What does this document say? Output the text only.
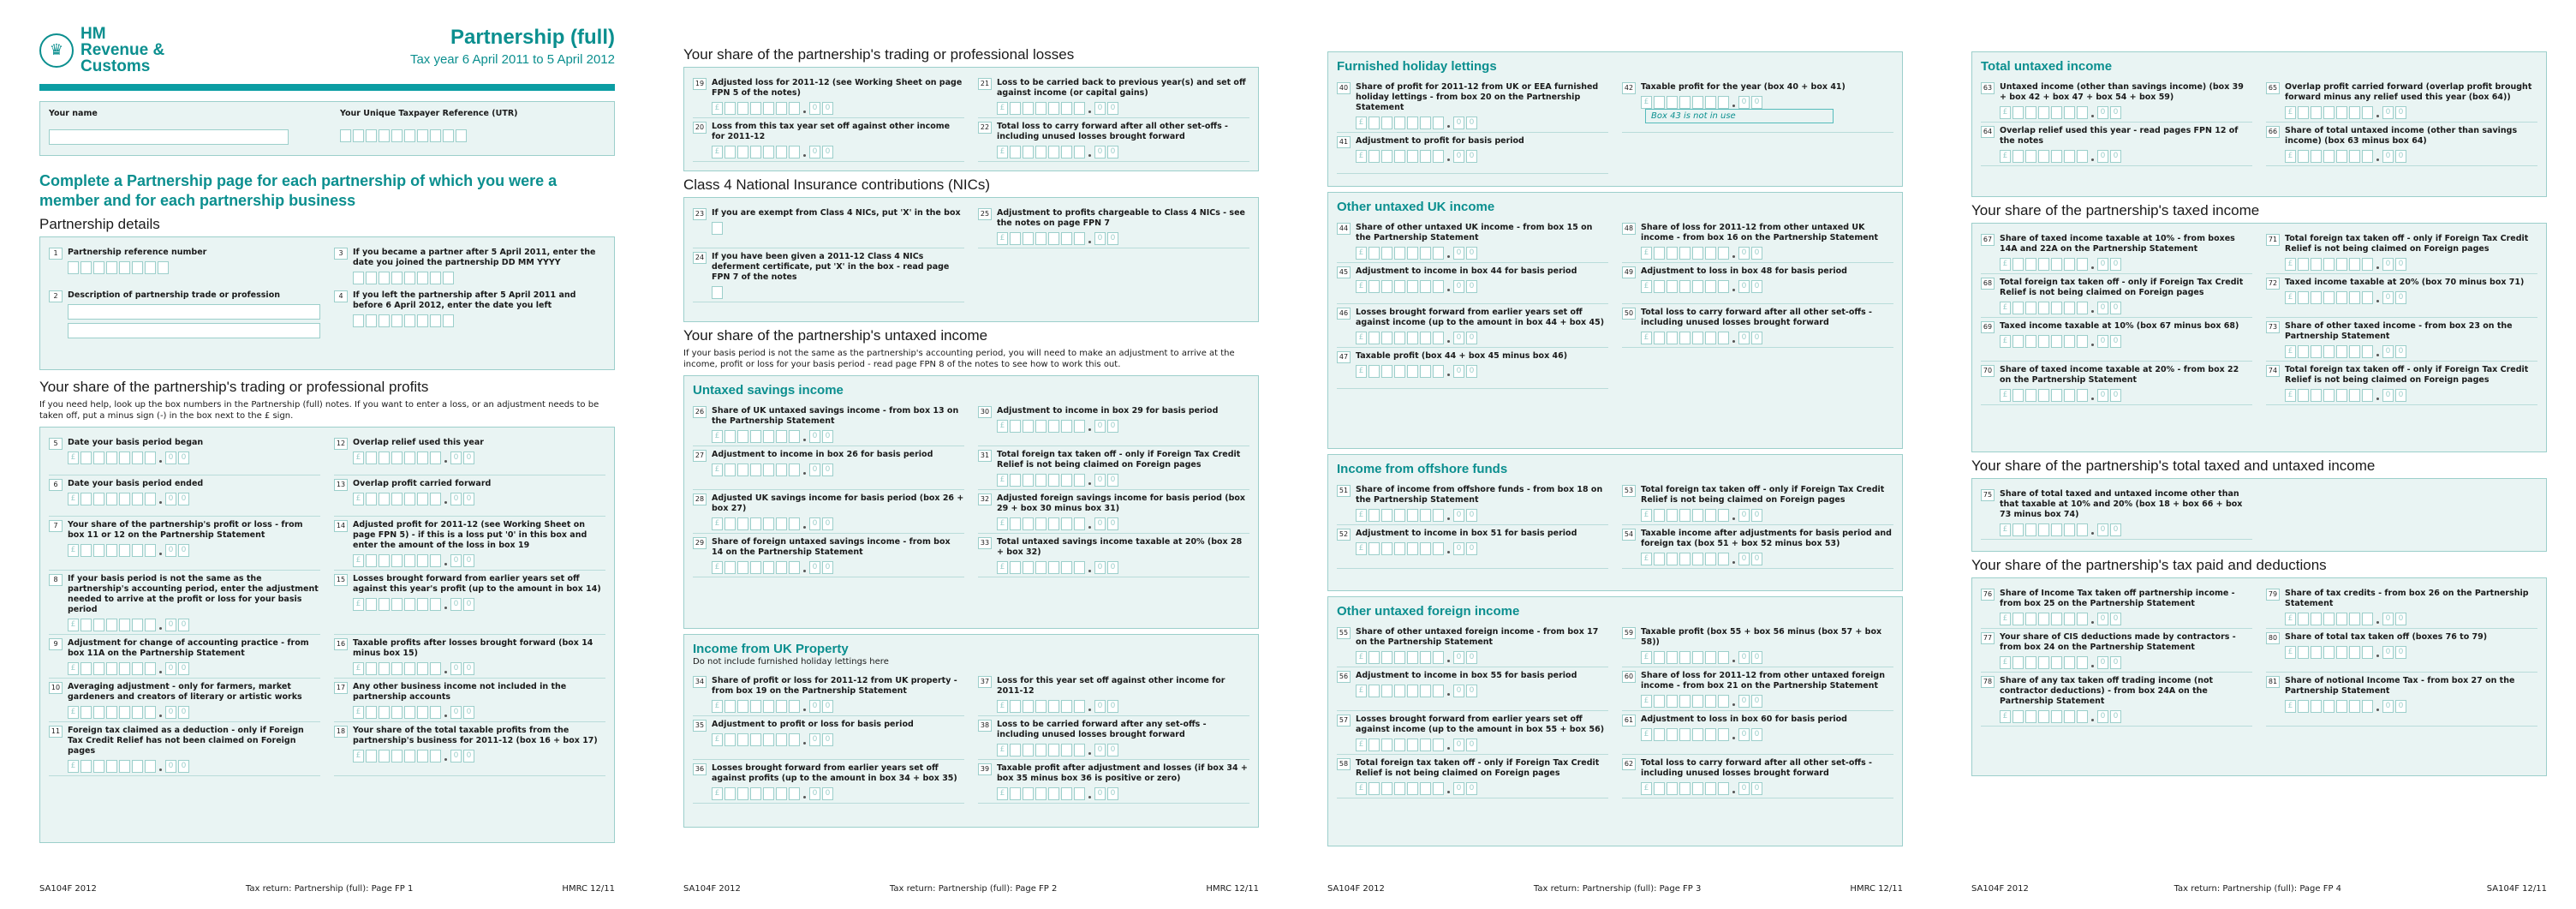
♛
HM Revenue & Customs
Partnership (full)
Tax year 6 April 2011 to 5 April 2012
Your name	Your Unique Taxpayer Reference (UTR)
Complete a Partnership page for each partnership of which you were a member and for each partnership business
Partnership details
1	Partnership reference number	3	If you became a partner after 5 April 2011, enter the date you joined the partnership DD MM YYYY
2	Description of partnership trade or profession	4	If you left the partnership after 5 April 2011 and before 6 April 2012, enter the date you left
Your share of the partnership's trading or professional profits
If you need help, look up the box numbers in the Partnership (full) notes. If you want to enter a loss, or an adjustment needs to be taken off, put a minus sign (-) in the box next to the £ sign.
5	Date your basis period began
£	0	0
12 Overlap relief used this year
£	0	0
6	Date your basis period ended
£	0	0
13 Overlap profit carried forward
£	0	0
7	Your share of the partnership's profit or loss - from box 11 or 12 on the Partnership Statement
£	0	0
14 Adjusted profit for 2011-12 (see Working Sheet on page FPN 5) - if this is a loss put '0' in this box and enter the amount of the loss in box 19
£	0	0
8	If your basis period is not the same as the partnership's accounting period, enter the adjustment needed to arrive at the profit or loss for your basis period
£	0	0
15 Losses brought forward from earlier years set off against this year's profit (up to the amount in box 14)
£	0	0
9	Adjustment for change of accounting practice - from box 11A on the Partnership Statement
£	0	0
16 Taxable profits after losses brought forward (box 14 minus box 15)
£	0	0
10 Averaging adjustment - only for farmers, market gardeners and creators of literary or artistic works
£	0	0
17 Any other business income not included in the partnership accounts
£	0	0
11 Foreign tax claimed as a deduction - only if Foreign Tax Credit Relief has not been claimed on Foreign pages
£	0	0
18 Your share of the total taxable profits from the partnership's business for 2011-12 (box 16 + box 17)
£	0	0
SA104F 2012	Tax return: Partnership (full): Page FP 1	HMRC 12/11
Your share of the partnership's trading or professional losses
19 Adjusted loss for 2011-12 (see Working Sheet on page FPN 5 of the notes)
£	0	0
21 Loss to be carried back to previous year(s) and set off against income (or capital gains)
£	0	0
20 Loss from this tax year set off against other income for 2011-12
£	0	0
22 Total loss to carry forward after all other set-offs - including unused losses brought forward
£	0	0
Class 4 National Insurance contributions (NICs)
23 If you are exempt from Class 4 NICs, put 'X' in the box	25 Adjustment to profits chargeable to Class 4 NICs - see the notes on page FPN 7
£	0	0
24 If you have been given a 2011-12 Class 4 NICs deferment certificate, put 'X' in the box - read page FPN 7 of the notes
Your share of the partnership's untaxed income
If your basis period is not the same as the partnership's accounting period, you will need to make an adjustment to arrive at the income, profit or loss for your basis period - read page FPN 8 of the notes to see how to work this out.
Untaxed savings income
26 Share of UK untaxed savings income - from box 13 on the Partnership Statement
£	0	0
30 Adjustment to income in box 29 for basis period
£	0	0
27 Adjustment to income in box 26 for basis period
£	0	0
31 Total foreign tax taken off - only if Foreign Tax Credit Relief is not being claimed on Foreign pages
£	0	0
28 Adjusted UK savings income for basis period (box 26 + box 27)
£	0	0
32 Adjusted foreign savings income for basis period (box 29 + box 30 minus box 31)
£	0	0
29 Share of foreign untaxed savings income - from box 14 on the Partnership Statement
£	0	0
33 Total untaxed savings income taxable at 20% (box 28 + box 32)
£	0	0
Income from UK Property
Do not include furnished holiday lettings here
34 Share of profit or loss for 2011-12 from UK property - from box 19 on the Partnership Statement
£	0	0
37 Loss for this year set off against other income for 2011-12
£	0	0
35 Adjustment to profit or loss for basis period
£	0	0
38 Loss to be carried forward after any set-offs - including unused losses brought forward
£	0	0
36 Losses brought forward from earlier years set off against profits (up to the amount in box 34 + box 35)
£	0	0
39 Taxable profit after adjustment and losses (if box 34 + box 35 minus box 36 is positive or zero)
£	0	0
SA104F 2012	Tax return: Partnership (full): Page FP 2	HMRC 12/11
Furnished holiday lettings
40 Share of profit for 2011-12 from UK or EEA furnished holiday lettings - from box 20 on the Partnership Statement
£	0	0
42 Taxable profit for the year (box 40 + box 41)
£	0	0
41 Adjustment to profit for basis period
£	0	0
Box 43 is not in use
Other untaxed UK income
44 Share of other untaxed UK income - from box 15 on the Partnership Statement
£	0	0
48 Share of loss for 2011-12 from other untaxed UK income - from box 16 on the Partnership Statement
£	0	0
45 Adjustment to income in box 44 for basis period
£	0	0
49 Adjustment to loss in box 48 for basis period
£	0	0
46 Losses brought forward from earlier years set off against income (up to the amount in box 44 + box 45)
£	0	0
50 Total loss to carry forward after all other set-offs - including unused losses brought forward
£	0	0
47 Taxable profit (box 44 + box 45 minus box 46)
£	0	0
Income from offshore funds
51 Share of income from offshore funds - from box 18 on the Partnership Statement
£	0	0
53 Total foreign tax taken off - only if Foreign Tax Credit Relief is not being claimed on Foreign pages
£	0	0
52 Adjustment to income in box 51 for basis period
£	0	0
54 Taxable income after adjustments for basis period and foreign tax (box 51 + box 52 minus box 53)
£	0	0
Other untaxed foreign income
55 Share of other untaxed foreign income - from box 17 on the Partnership Statement
£	0	0
59 Taxable profit (box 55 + box 56 minus (box 57 + box 58))
£	0	0
56 Adjustment to income in box 55 for basis period
£	0	0
60 Share of loss for 2011-12 from other untaxed foreign income - from box 21 on the Partnership Statement
£	0	0
57 Losses brought forward from earlier years set off against income (up to the amount in box 55 + box 56)
£	0	0
61 Adjustment to loss in box 60 for basis period
£	0	0
58 Total foreign tax taken off - only if Foreign Tax Credit Relief is not being claimed on Foreign pages
£	0	0
62 Total loss to carry forward after all other set-offs - including unused losses brought forward
£	0	0
SA104F 2012	Tax return: Partnership (full): Page FP 3	HMRC 12/11
Total untaxed income
63 Untaxed income (other than savings income) (box 39 + box 42 + box 47 + box 54 + box 59)
£	0	0
65 Overlap profit carried forward (overlap profit brought forward minus any relief used this year (box 64))
£	0	0
64 Overlap relief used this year - read pages FPN 12 of the notes
£	0	0
66 Share of total untaxed income (other than savings income) (box 63 minus box 64)
£	0	0
Your share of the partnership's taxed income
67 Share of taxed income taxable at 10% - from boxes 14A and 22A on the Partnership Statement
£	0	0
71 Total foreign tax taken off - only if Foreign Tax Credit Relief is not being claimed on Foreign pages
£	0	0
68 Total foreign tax taken off - only if Foreign Tax Credit Relief is not being claimed on Foreign pages
£	0	0
72 Taxed income taxable at 20% (box 70 minus box 71)
£	0	0
69 Taxed income taxable at 10% (box 67 minus box 68)
£	0	0
73 Share of other taxed income - from box 23 on the Partnership Statement
£	0	0
70 Share of taxed income taxable at 20% - from box 22 on the Partnership Statement
£	0	0
74 Total foreign tax taken off - only if Foreign Tax Credit Relief is not being claimed on Foreign pages
£	0	0
Your share of the partnership's total taxed and untaxed income
75 Share of total taxed and untaxed income other than that taxable at 10% and 20% (box 18 + box 66 + box 73 minus box 74)
£	0	0
Your share of the partnership's tax paid and deductions
76 Share of Income Tax taken off partnership income - from box 25 on the Partnership Statement
£	0	0
79 Share of tax credits - from box 26 on the Partnership Statement
£	0	0
77 Your share of CIS deductions made by contractors - from box 24 on the Partnership Statement
£	0	0
80 Share of total tax taken off (boxes 76 to 79)
£	0	0
78 Share of any tax taken off trading income (not contractor deductions) - from box 24A on the Partnership Statement
£	0	0
81 Share of notional Income Tax - from box 27 on the Partnership Statement
£	0	0
SA104F 2012	Tax return: Partnership (full): Page FP 4	SA104F 12/11
